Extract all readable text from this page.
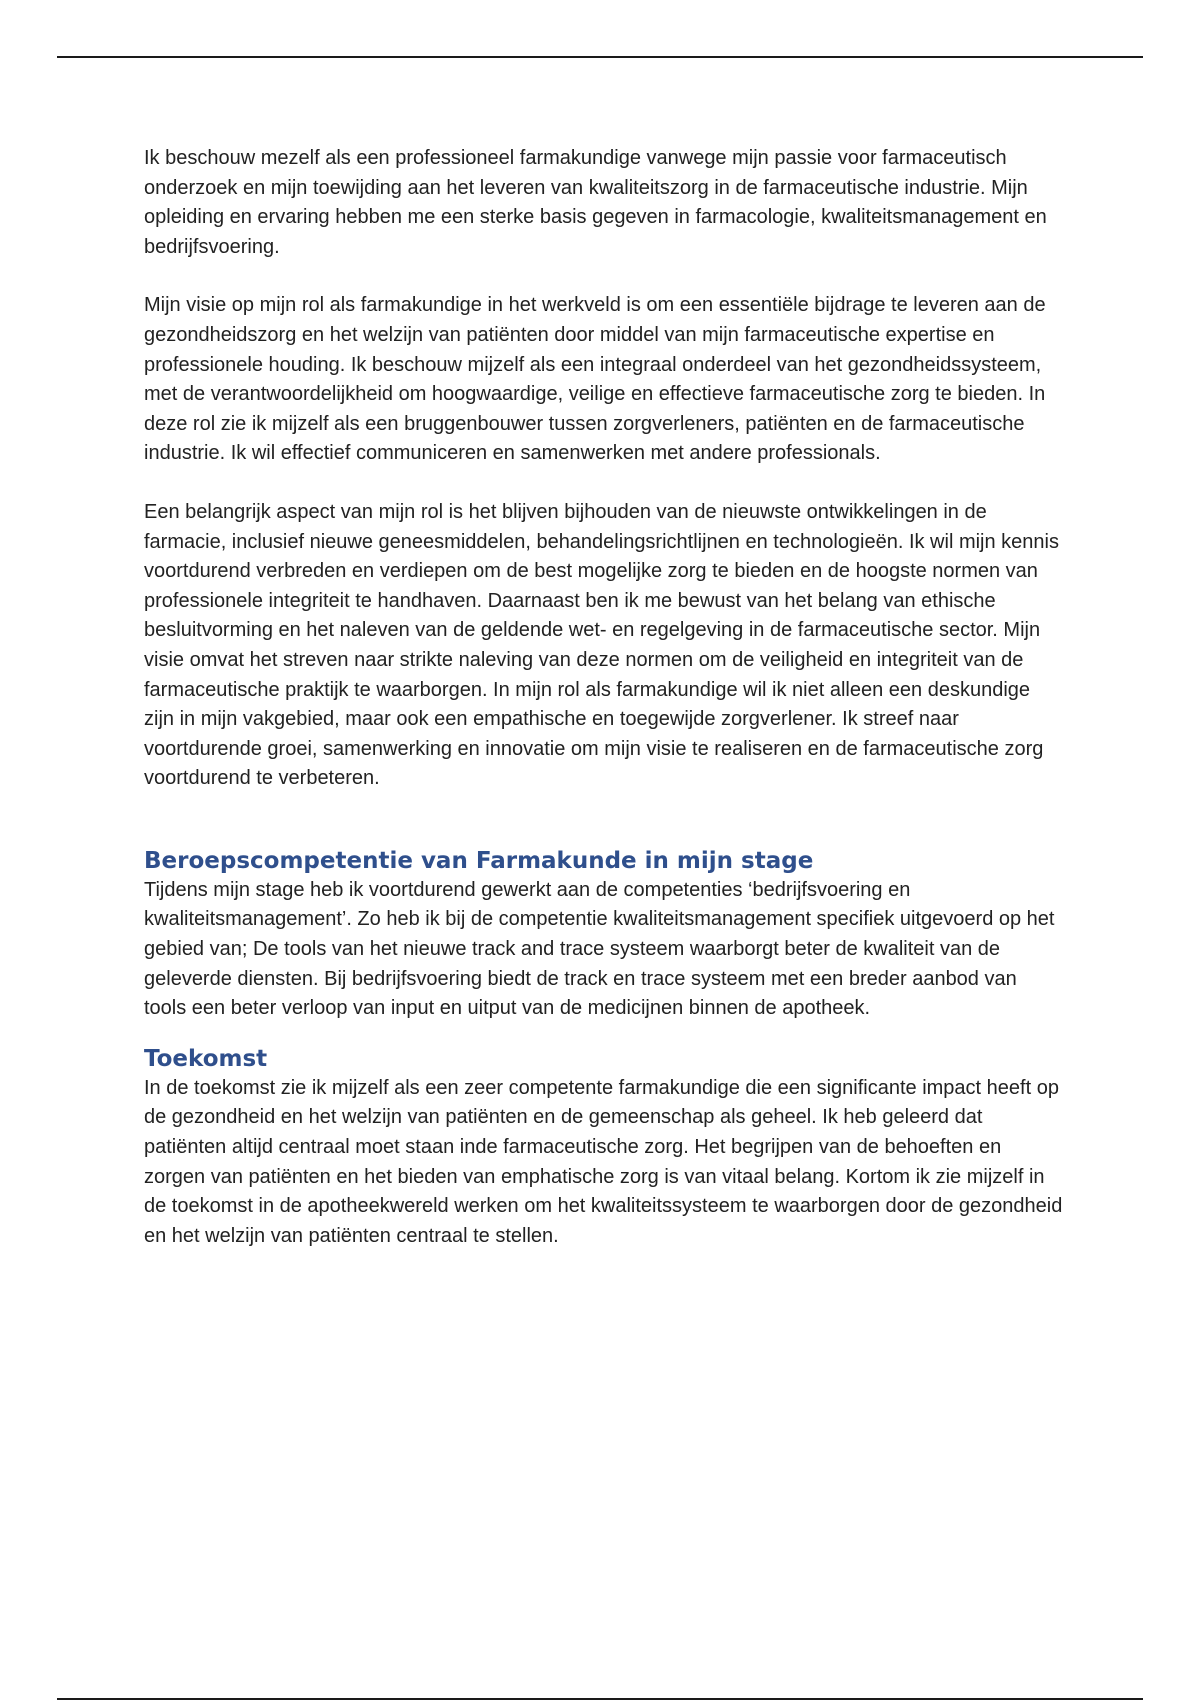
Ik beschouw mezelf als een professioneel farmakundige vanwege mijn passie voor farmaceutisch onderzoek en mijn toewijding aan het leveren van kwaliteitszorg in de farmaceutische industrie. Mijn opleiding en ervaring hebben me een sterke basis gegeven in farmacologie, kwaliteitsmanagement en bedrijfsvoering.

Mijn visie op mijn rol als farmakundige in het werkveld is om een essentiële bijdrage te leveren aan de gezondheidszorg en het welzijn van patiënten door middel van mijn farmaceutische expertise en professionele houding. Ik beschouw mijzelf als een integraal onderdeel van het gezondheidssysteem, met de verantwoordelijkheid om hoogwaardige, veilige en effectieve farmaceutische zorg te bieden. In deze rol zie ik mijzelf als een bruggenbouwer tussen zorgverleners, patiënten en de farmaceutische industrie. Ik wil effectief communiceren en samenwerken met andere professionals.

Een belangrijk aspect van mijn rol is het blijven bijhouden van de nieuwste ontwikkelingen in de farmacie, inclusief nieuwe geneesmiddelen, behandelingsrichtlijnen en technologieën. Ik wil mijn kennis voortdurend verbreden en verdiepen om de best mogelijke zorg te bieden en de hoogste normen van professionele integriteit te handhaven. Daarnaast ben ik me bewust van het belang van ethische besluitvorming en het naleven van de geldende wet- en regelgeving in de farmaceutische sector. Mijn visie omvat het streven naar strikte naleving van deze normen om de veiligheid en integriteit van de farmaceutische praktijk te waarborgen. In mijn rol als farmakundige wil ik niet alleen een deskundige zijn in mijn vakgebied, maar ook een empathische en toegewijde zorgverlener. Ik streef naar voortdurende groei, samenwerking en innovatie om mijn visie te realiseren en de farmaceutische zorg voortdurend te verbeteren.

Beroepscompetentie van Farmakunde in mijn stage

Tijdens mijn stage heb ik voortdurend gewerkt aan de competenties ‘bedrijfsvoering en kwaliteitsmanagement’. Zo heb ik bij de competentie kwaliteitsmanagement specifiek uitgevoerd op het gebied van; De tools van het nieuwe track and trace systeem waarborgt beter de kwaliteit van de geleverde diensten. Bij bedrijfsvoering biedt de track en trace systeem met een breder aanbod van tools een beter verloop van input en uitput van de medicijnen binnen de apotheek.

Toekomst

In de toekomst zie ik mijzelf als een zeer competente farmakundige die een significante impact heeft op de gezondheid en het welzijn van patiënten en de gemeenschap als geheel. Ik heb geleerd dat patiënten altijd centraal moet staan inde farmaceutische zorg. Het begrijpen van de behoeften en zorgen van patiënten en het bieden van emphatische zorg is van vitaal belang. Kortom ik zie mijzelf in de toekomst in de apotheekwereld werken om het kwaliteitssysteem te waarborgen door de gezondheid en het welzijn van patiënten centraal te stellen.
